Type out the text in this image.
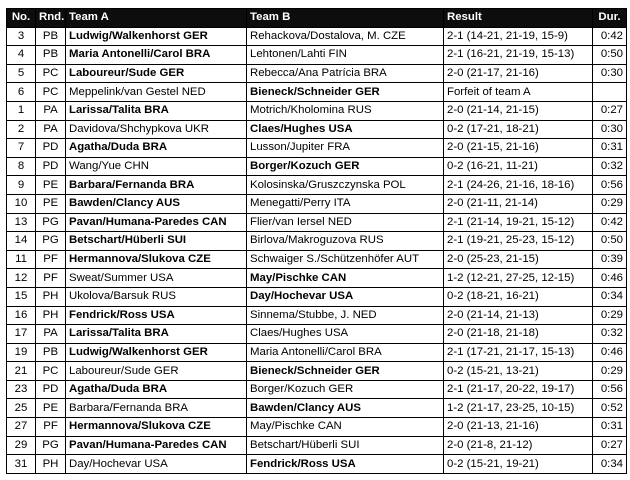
No.	Rnd.	Team A	Team B	Result	Dur.
3	PB	Ludwig/Walkenhorst GER	Rehackova/Dostalova, M. CZE	2-1 (14-21, 21-19, 15-9)	0:42
4	PB	Maria Antonelli/Carol BRA	Lehtonen/Lahti FIN	2-1 (16-21, 21-19, 15-13)	0:50
5	PC	Laboureur/Sude GER	Rebecca/Ana Patrícia BRA	2-0 (21-17, 21-16)	0:30
6	PC	Meppelink/van Gestel NED	Bieneck/Schneider GER	Forfeit of team A	
1	PA	Larissa/Talita BRA	Motrich/Kholomina RUS	2-0 (21-14, 21-15)	0:27
2	PA	Davidova/Shchypkova UKR	Claes/Hughes USA	0-2 (17-21, 18-21)	0:30
7	PD	Agatha/Duda BRA	Lusson/Jupiter FRA	2-0 (21-15, 21-16)	0:31
8	PD	Wang/Yue CHN	Borger/Kozuch GER	0-2 (16-21, 11-21)	0:32
9	PE	Barbara/Fernanda BRA	Kolosinska/Gruszczynska POL	2-1 (24-26, 21-16, 18-16)	0:56
10	PE	Bawden/Clancy AUS	Menegatti/Perry ITA	2-0 (21-11, 21-14)	0:29
13	PG	Pavan/Humana-Paredes CAN	Flier/van Iersel NED	2-1 (21-14, 19-21, 15-12)	0:42
14	PG	Betschart/Hüberli SUI	Birlova/Makroguzova RUS	2-1 (19-21, 25-23, 15-12)	0:50
11	PF	Hermannova/Slukova CZE	Schwaiger S./Schützenhöfer AUT	2-0 (25-23, 21-15)	0:39
12	PF	Sweat/Summer USA	May/Pischke CAN	1-2 (12-21, 27-25, 12-15)	0:46
15	PH	Ukolova/Barsuk RUS	Day/Hochevar USA	0-2 (18-21, 16-21)	0:34
16	PH	Fendrick/Ross USA	Sinnema/Stubbe, J. NED	2-0 (21-14, 21-13)	0:29
17	PA	Larissa/Talita BRA	Claes/Hughes USA	2-0 (21-18, 21-18)	0:32
19	PB	Ludwig/Walkenhorst GER	Maria Antonelli/Carol BRA	2-1 (17-21, 21-17, 15-13)	0:46
21	PC	Laboureur/Sude GER	Bieneck/Schneider GER	0-2 (15-21, 13-21)	0:29
23	PD	Agatha/Duda BRA	Borger/Kozuch GER	2-1 (21-17, 20-22, 19-17)	0:56
25	PE	Barbara/Fernanda BRA	Bawden/Clancy AUS	1-2 (21-17, 23-25, 10-15)	0:52
27	PF	Hermannova/Slukova CZE	May/Pischke CAN	2-0 (21-13, 21-16)	0:31
29	PG	Pavan/Humana-Paredes CAN	Betschart/Hüberli SUI	2-0 (21-8, 21-12)	0:27
31	PH	Day/Hochevar USA	Fendrick/Ross USA	0-2 (15-21, 19-21)	0:34
